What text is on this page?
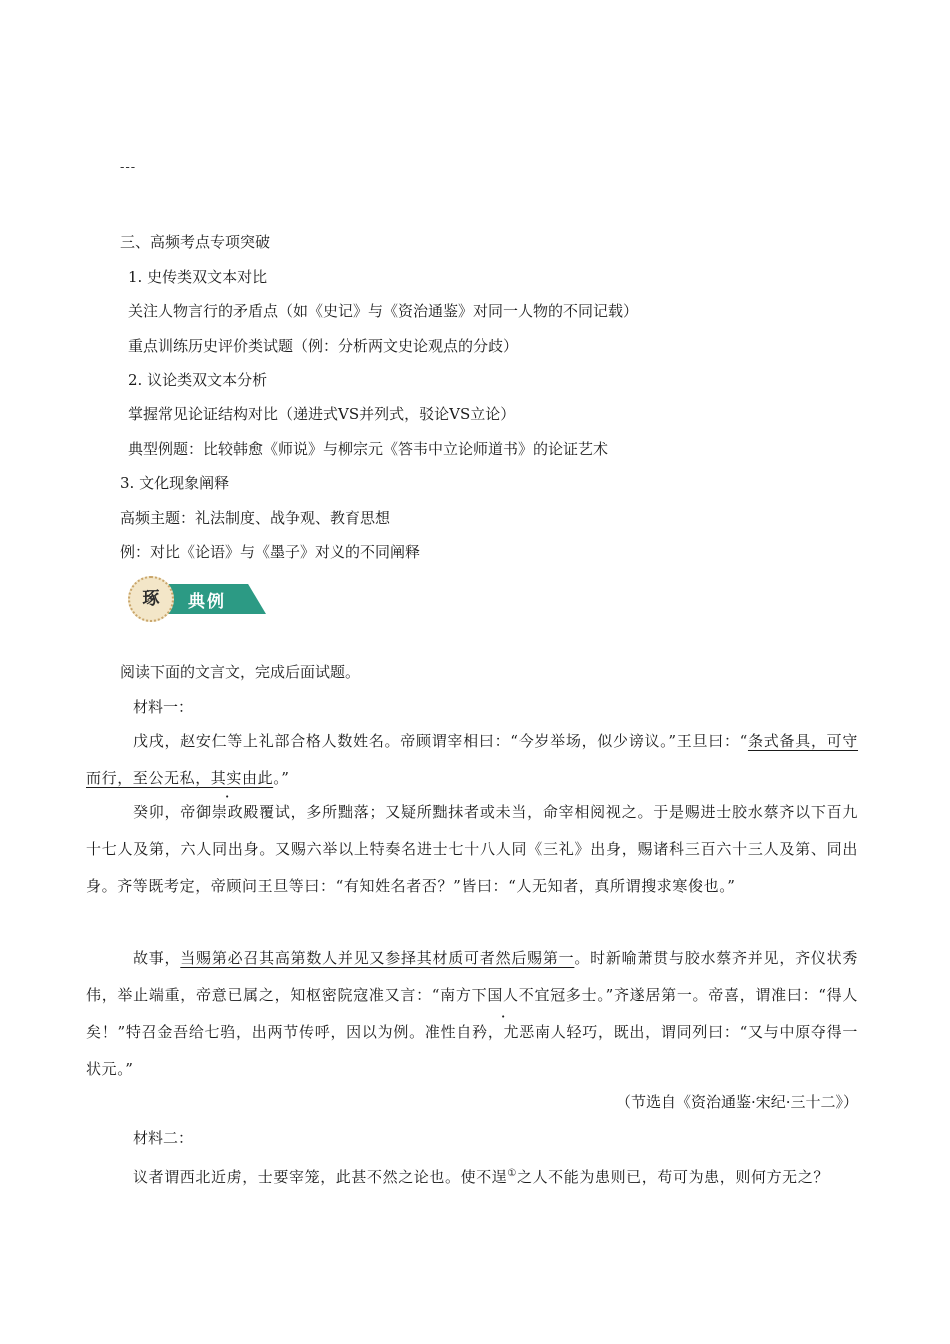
---
三、高频考点专项突破
1. 史传类双文本对比
关注人物言行的矛盾点（如《史记》与《资治通鉴》对同一人物的不同记载）
重点训练历史评价类试题（例：分析两文史论观点的分歧）
2. 议论类双文本分析
掌握常见论证结构对比（递进式VS并列式，驳论VS立论）
典型例题：比较韩愈《师说》与柳宗元《答韦中立论师道书》的论证艺术
3. 文化现象阐释
高频主题：礼法制度、战争观、教育思想
例：对比《论语》与《墨子》对义的不同阐释
典例
琢
阅读下面的文言文，完成后面试题。
材料一：
戊戌，赵安仁等上礼部合格人数姓名。帝顾谓宰相曰：“今岁举场，似少谤议。”王旦曰：“条式备具，可守而行，至公无私，其实由此。”
癸卯，帝御崇政殿覆试，多所黜落；又疑所黜抹者或未当，命宰相阅视之。于是赐进士胶水蔡齐以下百九十七人及第，六人同出身。又赐六举以上特奏名进士七十八人同《三礼》出身，赐诸科三百六十三人及第、同出身。齐等既考定，帝顾问王旦等曰：“有知姓名者否？”皆曰：“人无知者，真所谓搜求寒俊也。”
故事，当赐第必召其高第数人并见又参择其材质可者然后赐第一。时新喻萧贯与胶水蔡齐并见，齐仪状秀伟，举止端重，帝意已属之，知枢密院寇准又言：“南方下国人不宜冠多士。”齐遂居第一。帝喜，谓准曰：“得人矣！”特召金吾给七驺，出两节传呼，因以为例。准性自矜，尤恶南人轻巧，既出，谓同列曰：“又与中原夺得一状元。”
（节选自《资治通鉴·宋纪·三十二》）
材料二：
议者谓西北近虏，士要宰笼，此甚不然之论也。使不逞①之人不能为患则已，苟可为患，则何方无之？
